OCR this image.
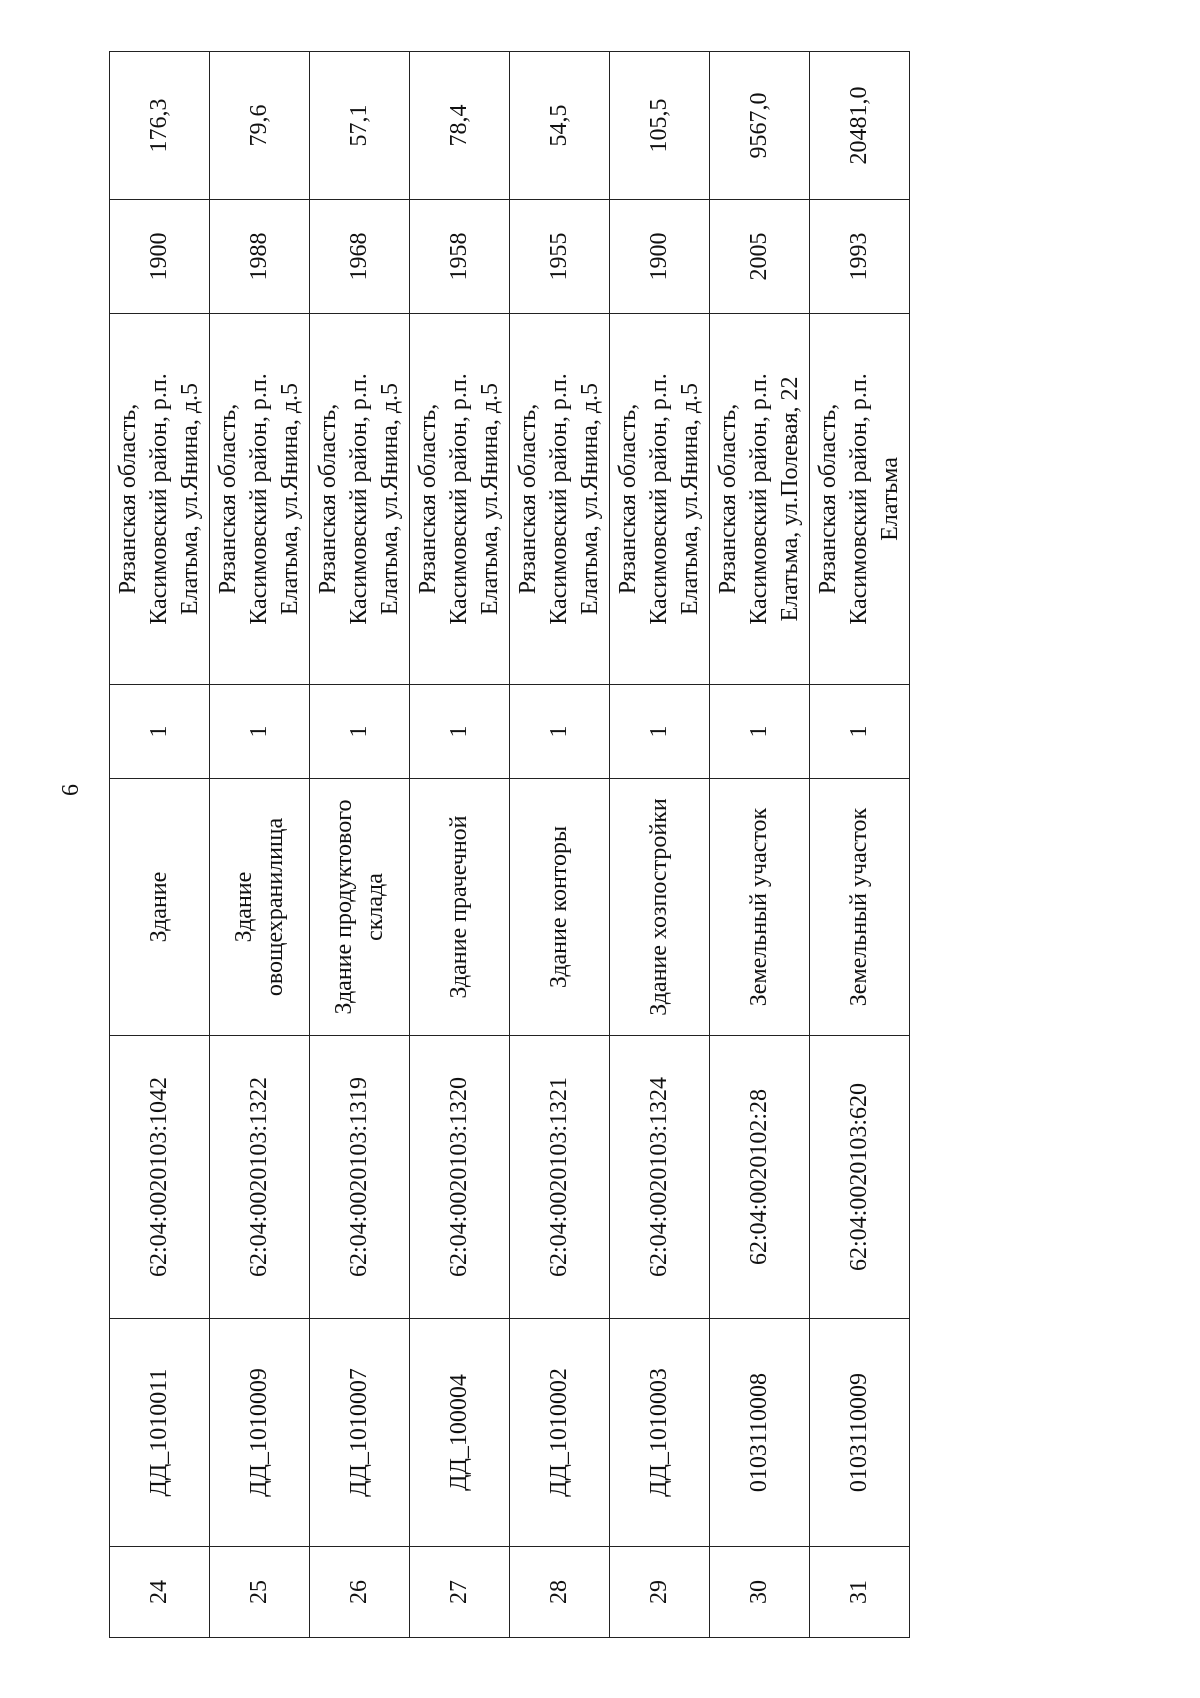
6
24	ДД_1010011	62:04:0020103:1042	Здание	1	Рязанская область, Касимовский район, р.п. Елатьма, ул.Янина, д.5	1900	176,3
25	ДД_1010009	62:04:0020103:1322	Здание овощехранилища	1	Рязанская область, Касимовский район, р.п. Елатьма, ул.Янина, д.5	1988	79,6
26	ДД_1010007	62:04:0020103:1319	Здание продуктового склада	1	Рязанская область, Касимовский район, р.п. Елатьма, ул.Янина, д.5	1968	57,1
27	ДД_100004	62:04:0020103:1320	Здание прачечной	1	Рязанская область, Касимовский район, р.п. Елатьма, ул.Янина, д.5	1958	78,4
28	ДД_1010002	62:04:0020103:1321	Здание конторы	1	Рязанская область, Касимовский район, р.п. Елатьма, ул.Янина, д.5	1955	54,5
29	ДД_1010003	62:04:0020103:1324	Здание хозпостройки	1	Рязанская область, Касимовский район, р.п. Елатьма, ул.Янина, д.5	1900	105,5
30	0103110008	62:04:0020102:28	Земельный участок	1	Рязанская область, Касимовский район, р.п. Елатьма, ул.Полевая, 22	2005	9567,0
31	0103110009	62:04:0020103:620	Земельный участок	1	Рязанская область, Касимовский район, р.п. Елатьма	1993	20481,0
